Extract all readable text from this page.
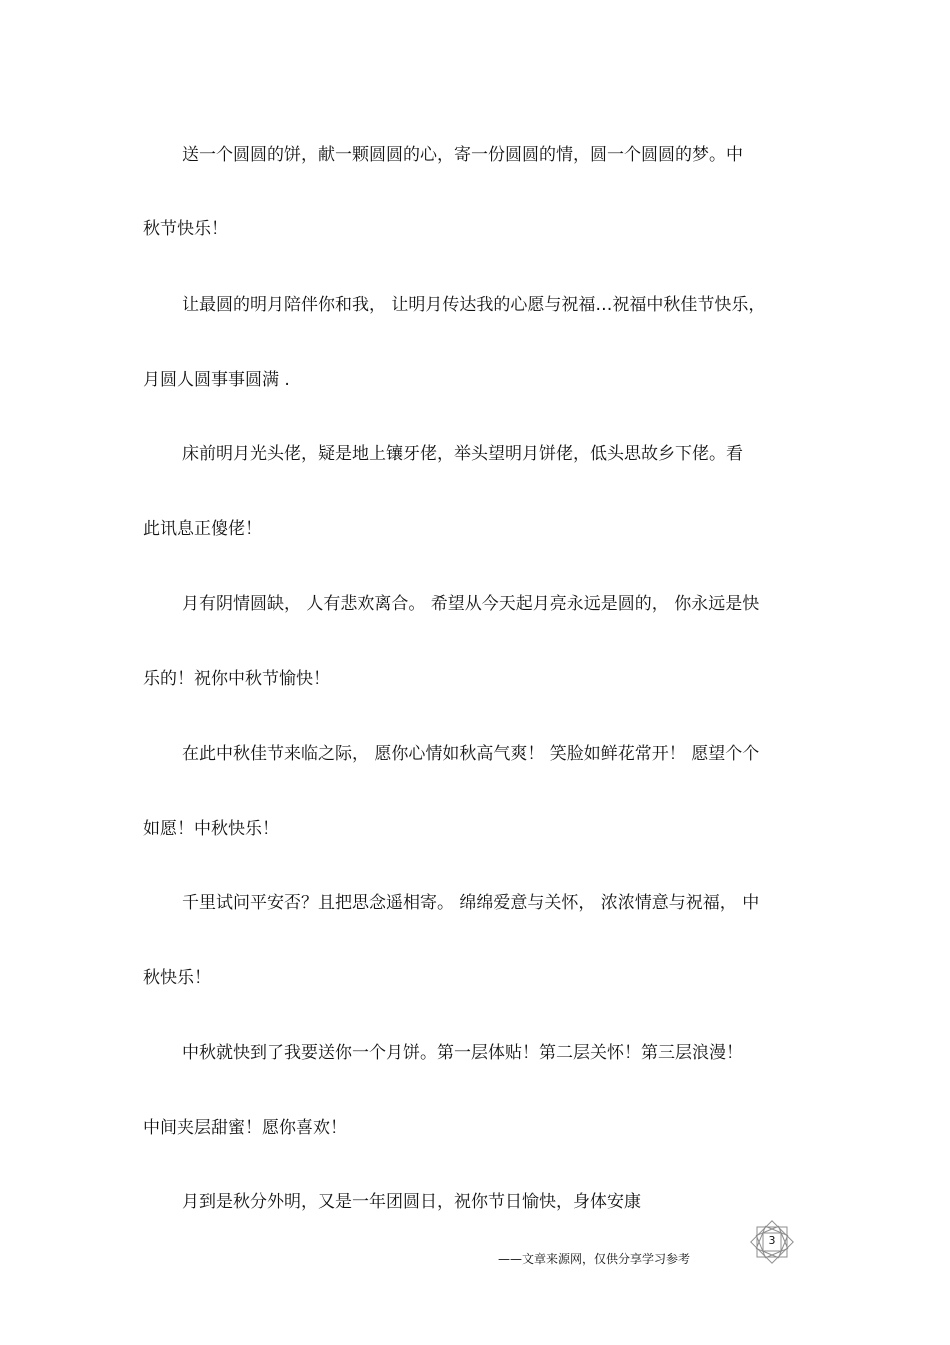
送一个圆圆的饼，献一颗圆圆的心，寄一份圆圆的情，圆一个圆圆的梦。中
秋节快乐！
让最圆的明月陪伴你和我， 让明月传达我的心愿与祝福…祝福中秋佳节快乐，
月圆人圆事事圆满 .
床前明月光头佬，疑是地上镶牙佬，举头望明月饼佬，低头思故乡下佬。看
此讯息正傻佬！
月有阴情圆缺， 人有悲欢离合。 希望从今天起月亮永远是圆的， 你永远是快
乐的！祝你中秋节愉快！
在此中秋佳节来临之际， 愿你心情如秋高气爽！ 笑脸如鲜花常开！ 愿望个个
如愿！中秋快乐！
千里试问平安否？且把思念遥相寄。 绵绵爱意与关怀， 浓浓情意与祝福， 中
秋快乐！
中秋就快到了我要送你一个月饼。第一层体贴！第二层关怀！第三层浪漫！
中间夹层甜蜜！愿你喜欢！
月到是秋分外明，又是一年团圆日，祝你节日愉快，身体安康
——文章来源网，仅供分享学习参考
3
